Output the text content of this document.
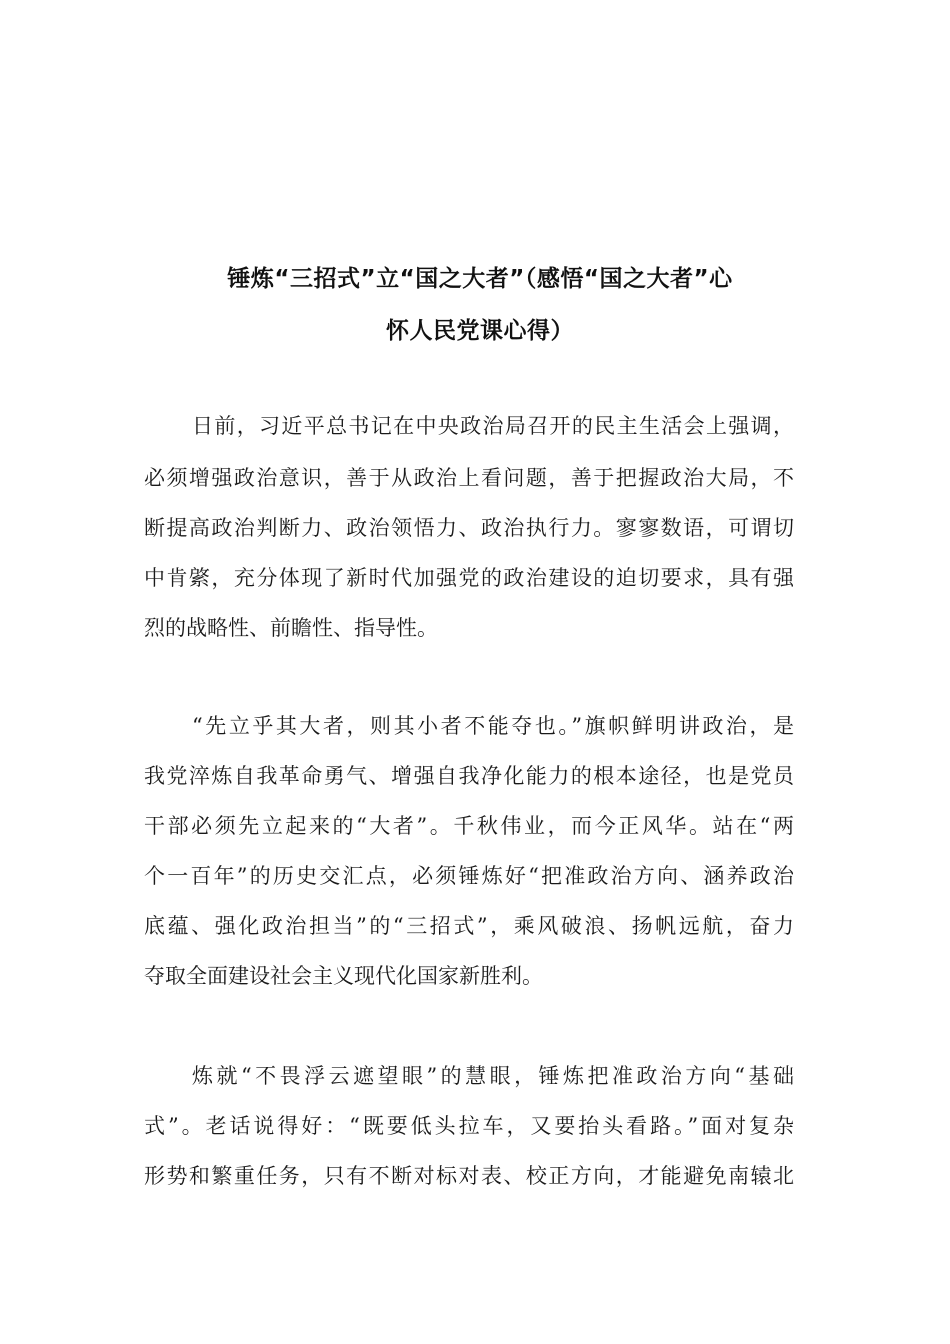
锤炼“三招式”立“国之大者”（感悟“国之大者”心
怀人民党课心得）
日前，习近平总书记在中央政治局召开的民主生活会上强调，
必须增强政治意识，善于从政治上看问题，善于把握政治大局，不
断提高政治判断力、政治领悟力、政治执行力。寥寥数语，可谓切
中肯綮，充分体现了新时代加强党的政治建设的迫切要求，具有强
烈的战略性、前瞻性、指导性。
“先立乎其大者，则其小者不能夺也。”旗帜鲜明讲政治，是
我党淬炼自我革命勇气、增强自我净化能力的根本途径，也是党员
干部必须先立起来的“大者”。千秋伟业，而今正风华。站在“两
个一百年”的历史交汇点，必须锤炼好“把准政治方向、涵养政治
底蕴、强化政治担当”的“三招式”，乘风破浪、扬帆远航，奋力
夺取全面建设社会主义现代化国家新胜利。
炼就“不畏浮云遮望眼”的慧眼，锤炼把准政治方向“基础
式”。老话说得好：“既要低头拉车，又要抬头看路。”面对复杂
形势和繁重任务，只有不断对标对表、校正方向，才能避免南辕北
